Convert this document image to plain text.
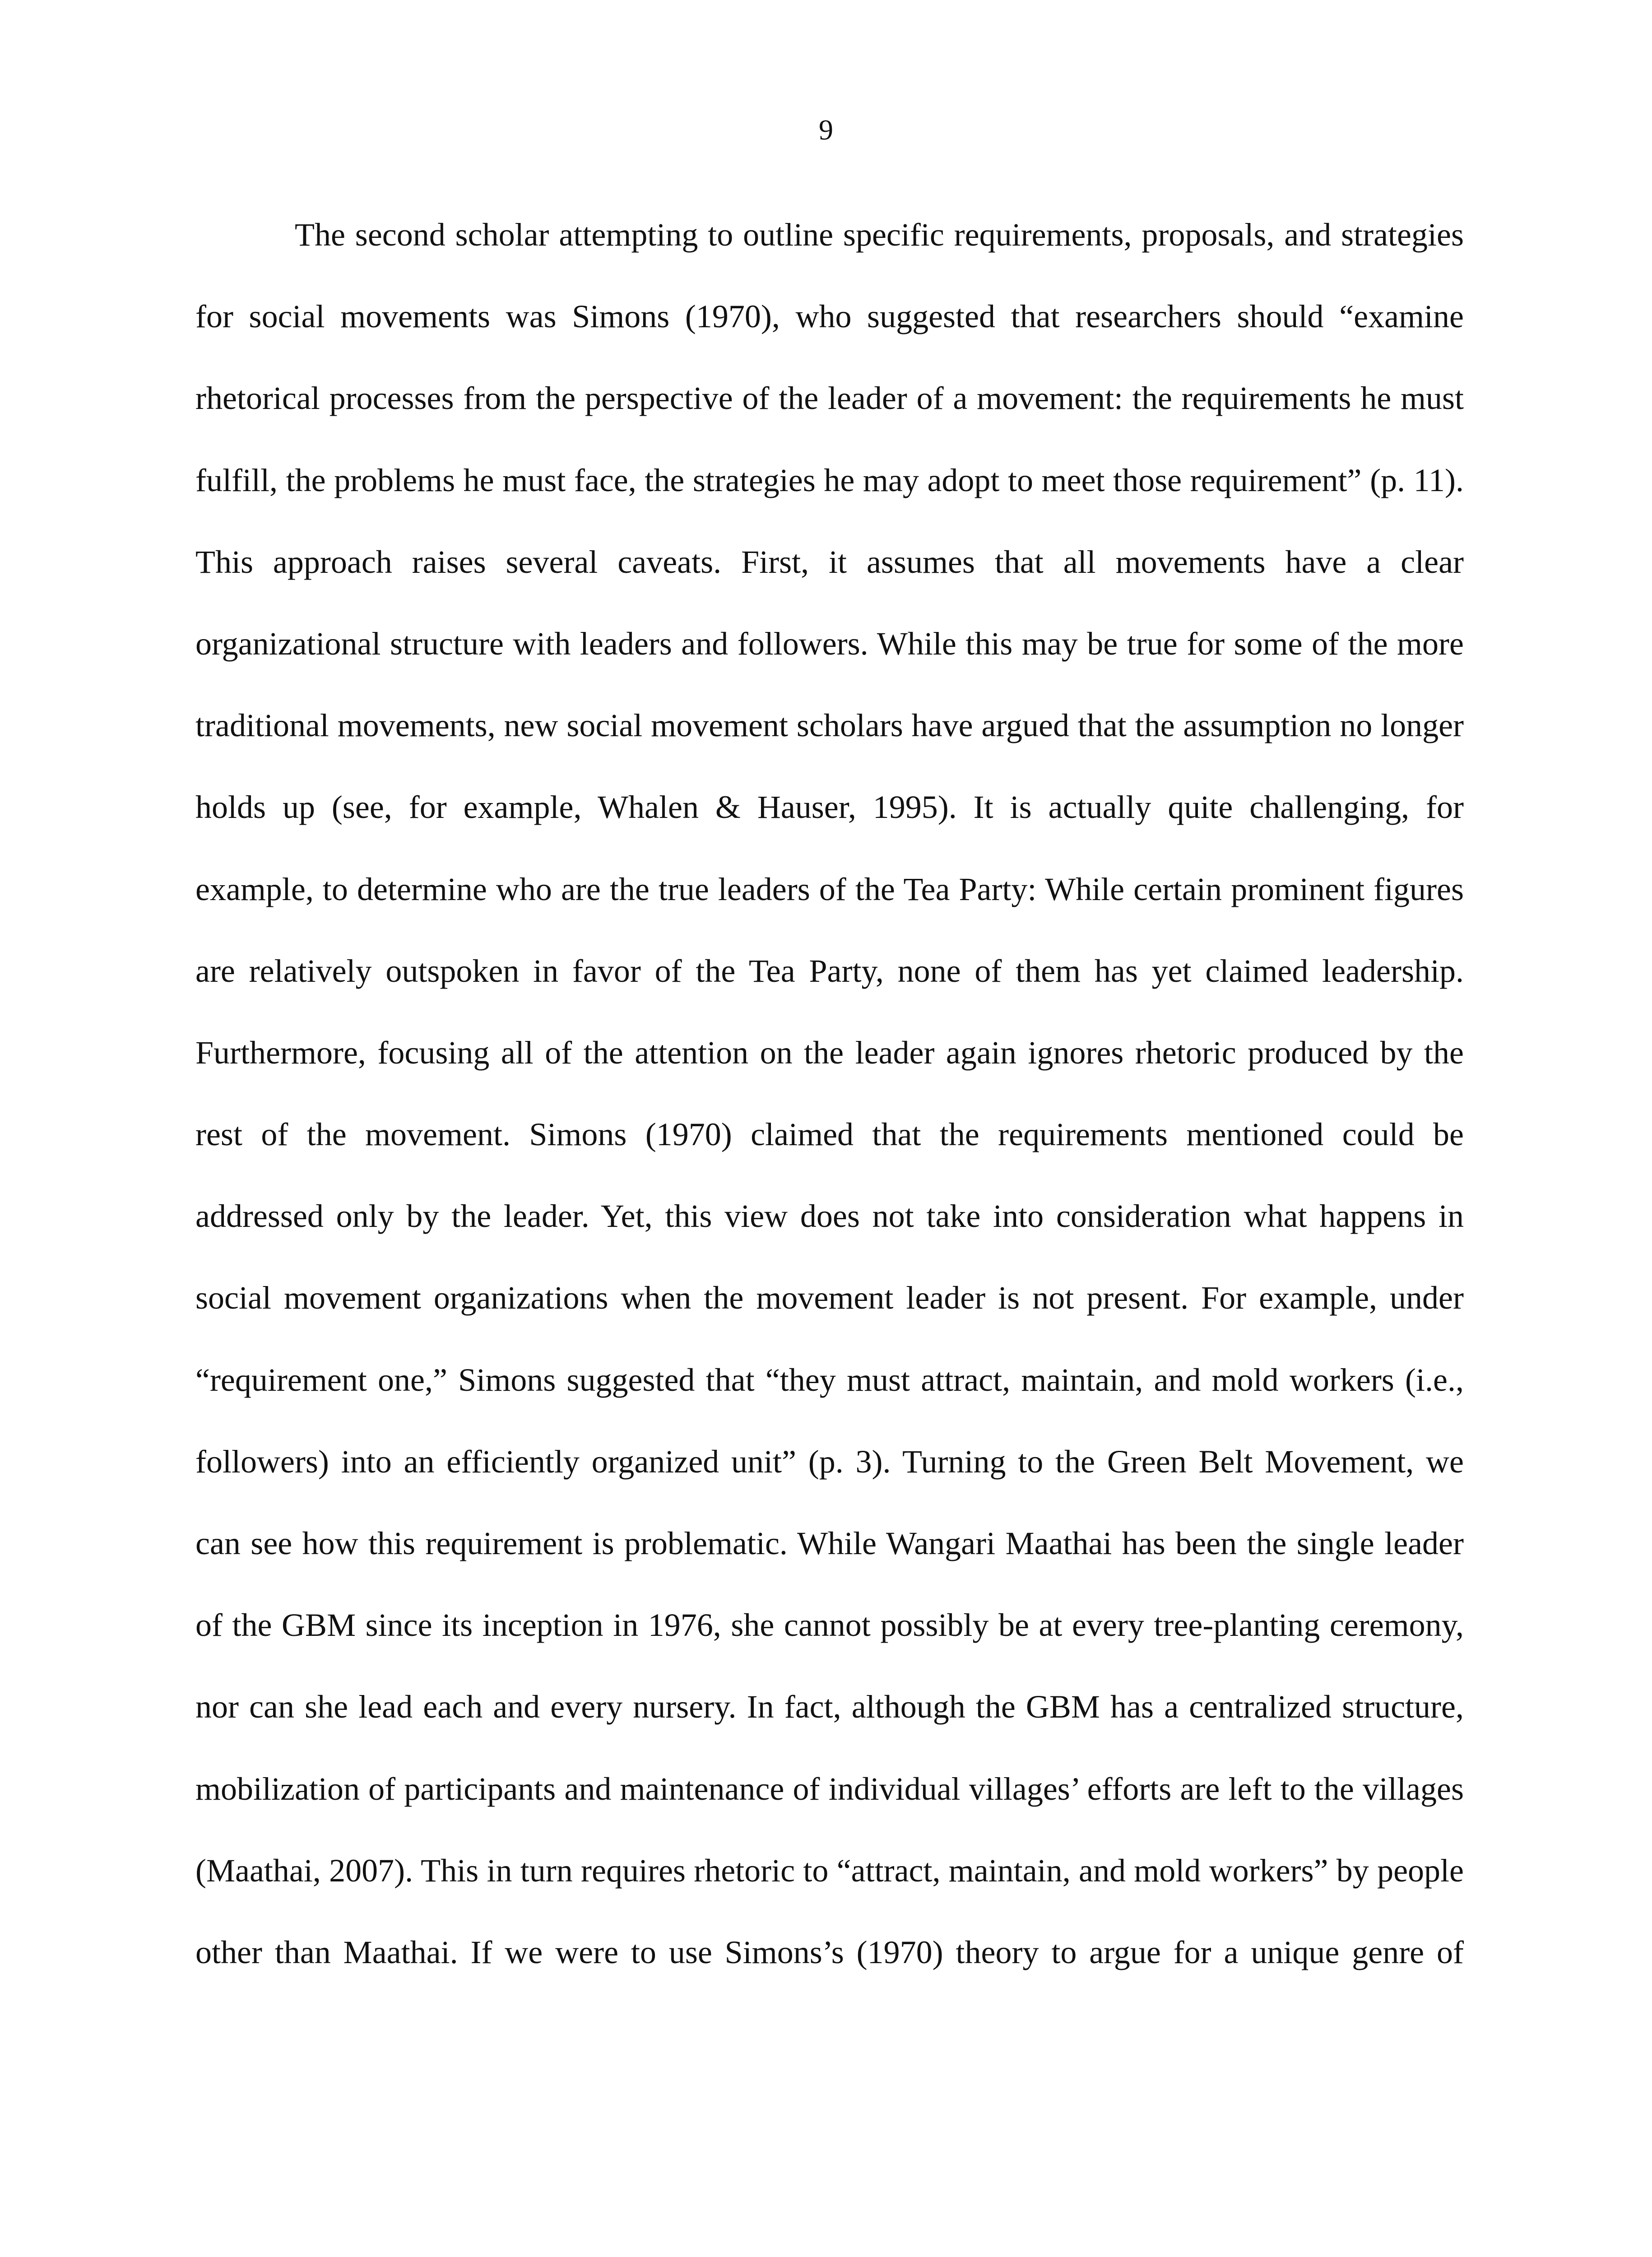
9
The second scholar attempting to outline specific requirements, proposals, and strategies
for social movements was Simons (1970), who suggested that researchers should “examine
rhetorical processes from the perspective of the leader of a movement: the requirements he must
fulfill, the problems he must face, the strategies he may adopt to meet those requirement” (p. 11).
This approach raises several caveats. First, it assumes that all movements have a clear
organizational structure with leaders and followers. While this may be true for some of the more
traditional movements, new social movement scholars have argued that the assumption no longer
holds up (see, for example, Whalen & Hauser, 1995). It is actually quite challenging, for
example, to determine who are the true leaders of the Tea Party: While certain prominent figures
are relatively outspoken in favor of the Tea Party, none of them has yet claimed leadership.
Furthermore, focusing all of the attention on the leader again ignores rhetoric produced by the
rest of the movement. Simons (1970) claimed that the requirements mentioned could be
addressed only by the leader. Yet, this view does not take into consideration what happens in
social movement organizations when the movement leader is not present. For example, under
“requirement one,” Simons suggested that “they must attract, maintain, and mold workers (i.e.,
followers) into an efficiently organized unit” (p. 3). Turning to the Green Belt Movement, we
can see how this requirement is problematic. While Wangari Maathai has been the single leader
of the GBM since its inception in 1976, she cannot possibly be at every tree-planting ceremony,
nor can she lead each and every nursery. In fact, although the GBM has a centralized structure,
mobilization of participants and maintenance of individual villages’ efforts are left to the villages
(Maathai, 2007). This in turn requires rhetoric to “attract, maintain, and mold workers” by people
other than Maathai. If we were to use Simons’s (1970) theory to argue for a unique genre of
